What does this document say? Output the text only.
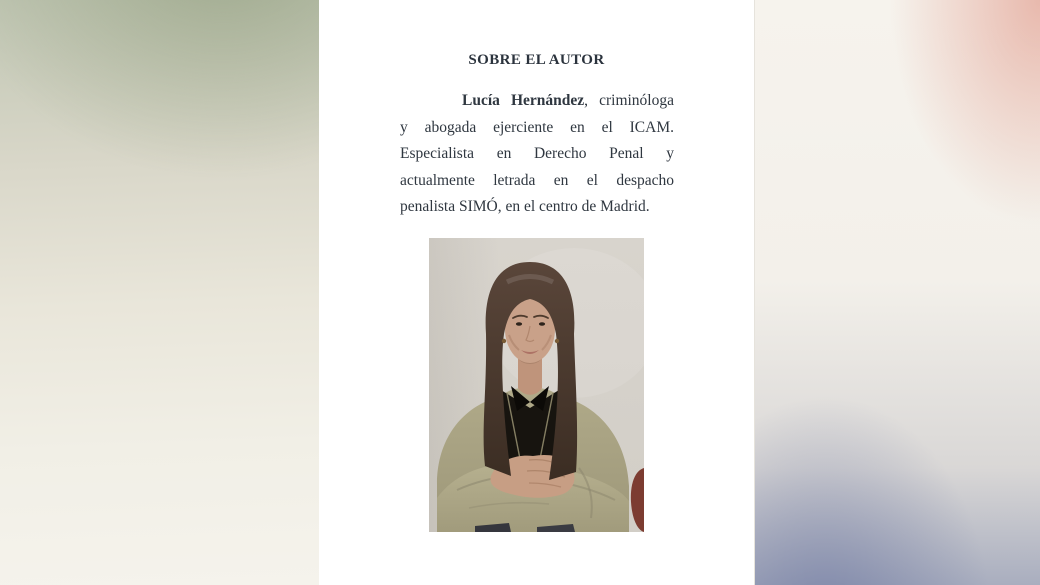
SOBRE EL AUTOR
Lucía Hernández, criminóloga
y abogada ejerciente en el ICAM.
Especialista en Derecho Penal y
actualmente letrada en el despacho
penalista SIMÓ, en el centro de Madrid.
